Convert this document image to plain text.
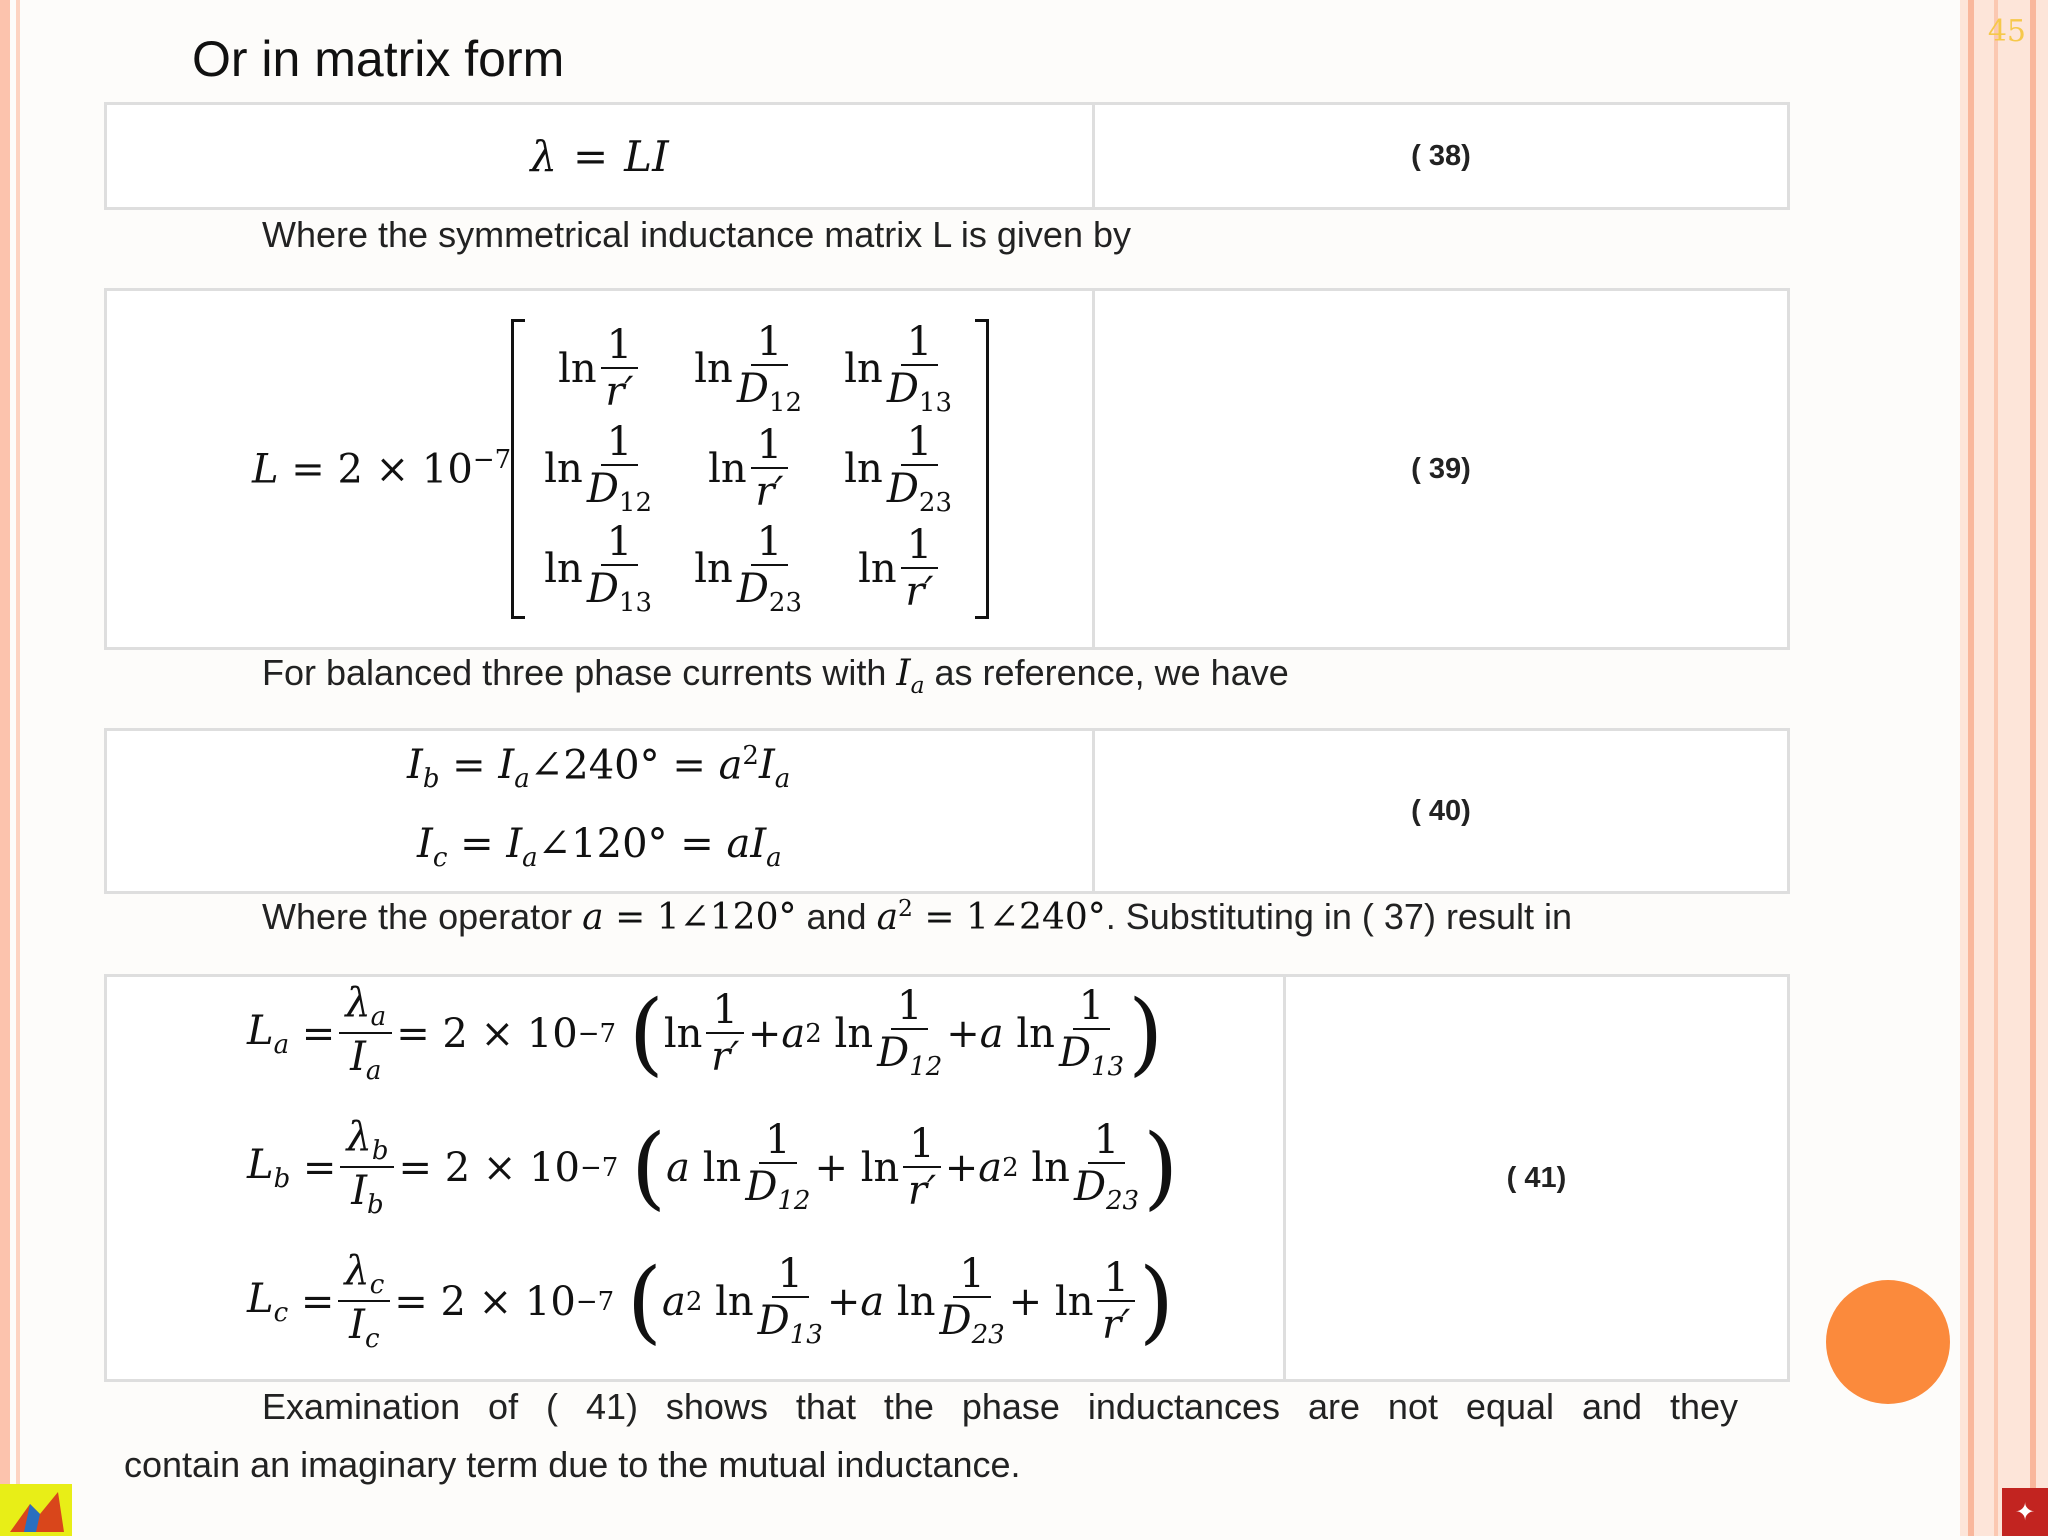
45
Or in matrix form
λ = LI	( 38)
Where the symmetrical inductance matrix L is given by
$L = 2 \times 10^{-7}$
$\ln \frac{1}{r'}$ $\ln \frac{1}{D_{12}}$ $\ln \frac{1}{D_{13}}$
$\ln \frac{1}{D_{12}}$ $\ln \frac{1}{r'}$ $\ln \frac{1}{D_{23}}$
$\ln \frac{1}{D_{13}}$ $\ln \frac{1}{D_{23}}$ $\ln \frac{1}{r'}$
( 39)
For balanced three phase currents with $I_a$ as reference, we have
$I_b$ = $I_a\angle 240^\circ = a^2I_a$
$I_c$ = $I_a\angle 120^\circ = aI_a$
( 40)
Where the operator a = 1∠120° and $a^2$ = 1∠240°. Substituting in ( 37) result in
$L_a = \frac{\lambda_a}{I_a} = 2 \times 10 -7$
( $\ln \frac{1}{r'} + a$ 2 $\ln \frac{1}{D_{12}} + a$ $\ln \frac{1}{D_{13}}$ )
$L_b = \frac{\lambda_b}{I_b} = 2 \times 10 -7$
( a $\ln \frac{1}{D_{12}} + \ln \frac{1}{r'} + a$ 2 $\ln \frac{1}{D_{23}}$ )
$L_c = \frac{\lambda_c}{I_c} = 2 \times 10 -7$
( a 2 $\ln \frac{1}{D_{13}} + a$ $\ln \frac{1}{D_{23}} + \ln \frac{1}{r'}$ )
( 41)
Examination of ( 41) shows that the phase inductances are not equal and they
contain an imaginary term due to the mutual inductance.
✦
